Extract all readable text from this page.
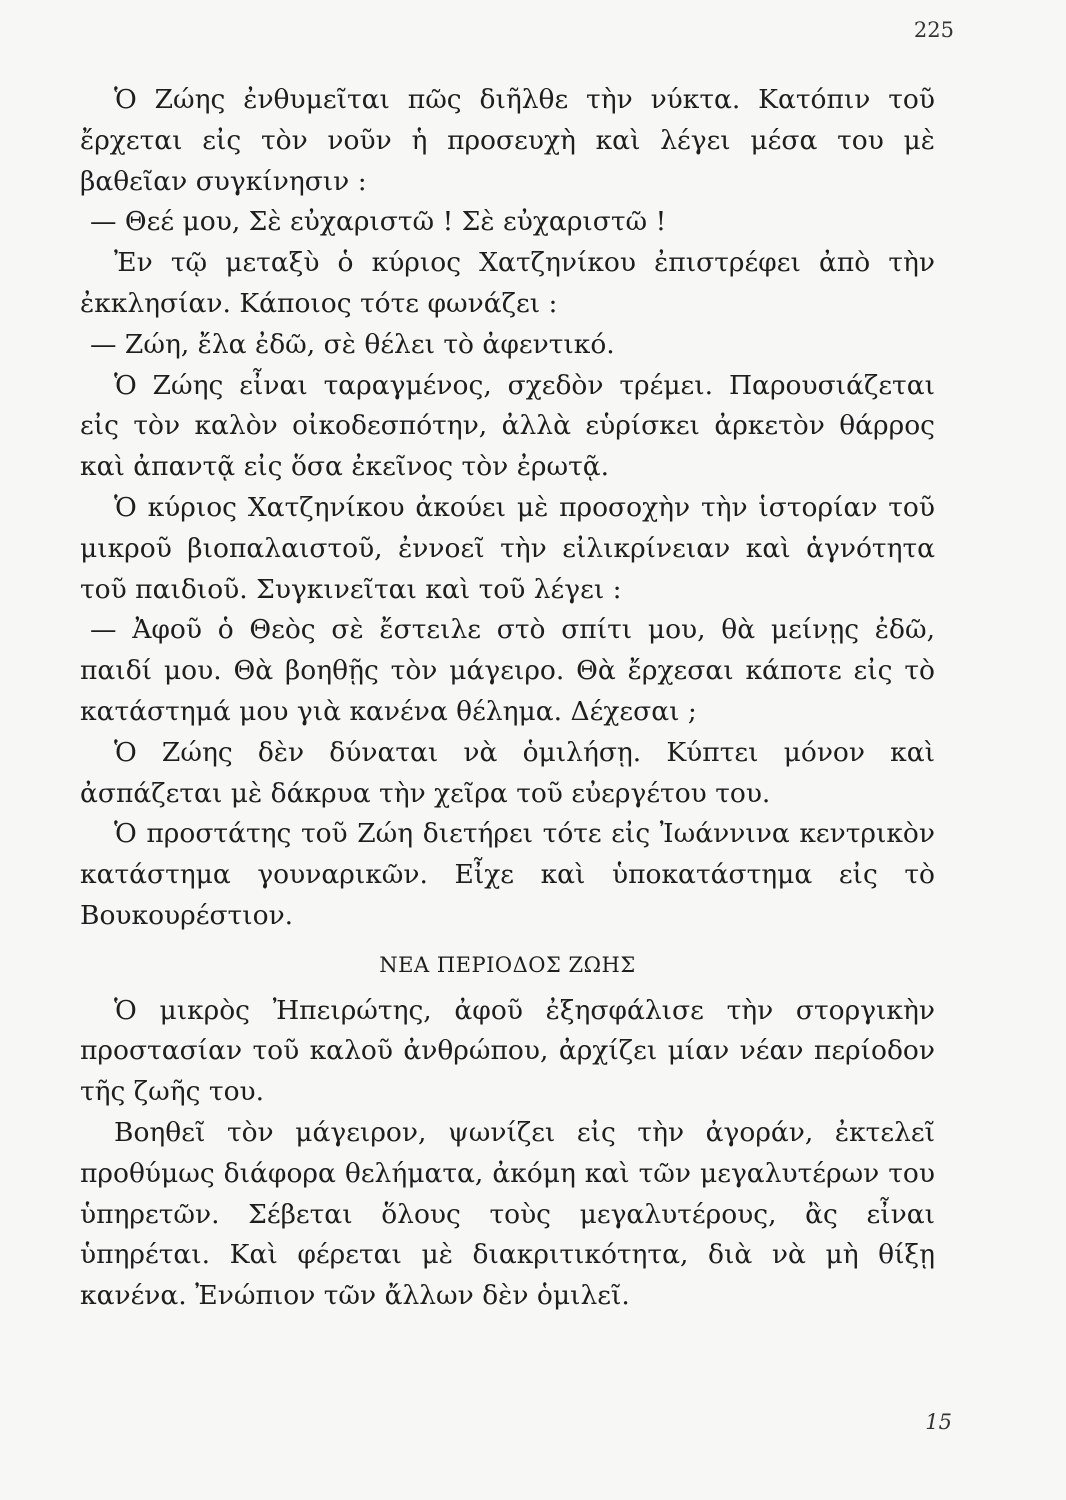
225

Ὁ Ζώης ἐνθυμεῖται πῶς διῆλθε τὴν νύκτα. Κατόπιν τοῦ ἔρχεται εἰς τὸν νοῦν ἡ προσευχὴ καὶ λέγει μέσα του μὲ βαθεῖαν συγκίνησιν :

— Θεέ μου, Σὲ εὐχαριστῶ ! Σὲ εὐχαριστῶ !

Ἐν τῷ μεταξὺ ὁ κύριος Χατζηνίκου ἐπιστρέφει ἀπὸ τὴν ἐκκλησίαν. Κάποιος τότε φωνάζει :

— Ζώη, ἔλα ἐδῶ, σὲ θέλει τὸ ἀφεντικό.

Ὁ Ζώης εἶναι ταραγμένος, σχεδὸν τρέμει. Παρουσιάζεται εἰς τὸν καλὸν οἰκοδεσπότην, ἀλλὰ εὑρίσκει ἀρκετὸν θάρρος καὶ ἀπαντᾷ εἰς ὅσα ἐκεῖνος τὸν ἐρωτᾷ.

Ὁ κύριος Χατζηνίκου ἀκούει μὲ προσοχὴν τὴν ἱστορίαν τοῦ μικροῦ βιοπαλαιστοῦ, ἐννοεῖ τὴν εἰλικρίνειαν καὶ ἁγνότητα τοῦ παιδιοῦ. Συγκινεῖται καὶ τοῦ λέγει :

— Ἀφοῦ ὁ Θεὸς σὲ ἔστειλε στὸ σπίτι μου, θὰ μείνῃς ἐδῶ, παιδί μου. Θὰ βοηθῇς τὸν μάγειρο. Θὰ ἔρχεσαι κάποτε εἰς τὸ κατάστημά μου γιὰ κανένα θέλημα. Δέχεσαι ;

Ὁ Ζώης δὲν δύναται νὰ ὁμιλήσῃ. Κύπτει μόνον καὶ ἀσπάζεται μὲ δάκρυα τὴν χεῖρα τοῦ εὐεργέτου του.

Ὁ προστάτης τοῦ Ζώη διετήρει τότε εἰς Ἰωάννινα κεντρικὸν κατάστημα γουναρικῶν. Εἶχε καὶ ὑποκατάστημα εἰς τὸ Βουκουρέστιον.

ΝΕΑ ΠΕΡΙΟΔΟΣ ΖΩΗΣ

Ὁ μικρὸς Ἠπειρώτης, ἀφοῦ ἐξησφάλισε τὴν στοργικὴν προστασίαν τοῦ καλοῦ ἀνθρώπου, ἀρχίζει μίαν νέαν περίοδον τῆς ζωῆς του.

Βοηθεῖ τὸν μάγειρον, ψωνίζει εἰς τὴν ἀγοράν, ἐκτελεῖ προθύμως διάφορα θελήματα, ἀκόμη καὶ τῶν μεγαλυτέρων του ὑπηρετῶν. Σέβεται ὅλους τοὺς μεγαλυτέρους, ἂς εἶναι ὑπηρέται. Καὶ φέρεται μὲ διακριτικότητα, διὰ νὰ μὴ θίξῃ κανένα. Ἐνώπιον τῶν ἄλλων δὲν ὁμιλεῖ.

15
